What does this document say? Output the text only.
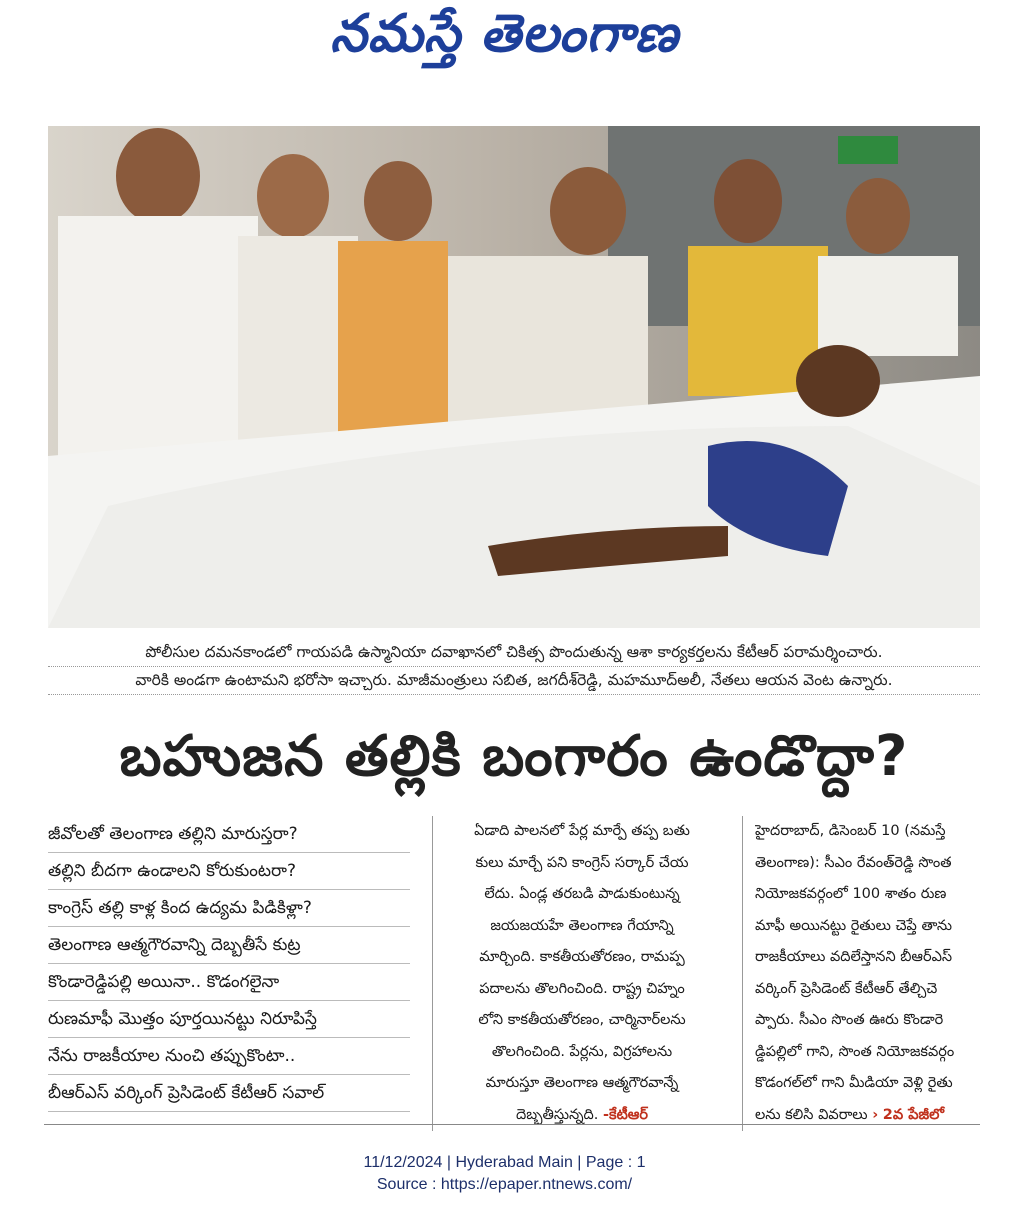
నమస్తే తెలంగాణ
పోలీసుల దమనకాండలో గాయపడి ఉస్మానియా దవాఖానలో చికిత్స పొందుతున్న ఆశా కార్యకర్తలను కేటీఆర్ పరామర్శించారు.
వారికి అండగా ఉంటామని భరోసా ఇచ్చారు. మాజీమంత్రులు సబిత, జగదీశ్‌రెడ్డి, మహమూద్‌అలీ, నేతలు ఆయన వెంట ఉన్నారు.
బహుజన తల్లికి బంగారం ఉండొద్దా?
జీవోలతో తెలంగాణ తల్లిని మారుస్తరా?
తల్లిని బీదగా ఉండాలని కోరుకుంటరా?
కాంగ్రెస్ తల్లి కాళ్ల కింద ఉద్యమ పిడికిళ్లా?
తెలంగాణ ఆత్మగౌరవాన్ని దెబ్బతీసే కుట్ర
కొండారెడ్డిపల్లి అయినా.. కొడంగలైనా
రుణమాఫీ మొత్తం పూర్తయినట్టు నిరూపిస్తే
నేను రాజకీయాల నుంచి తప్పుకొంటా..
బీఆర్ఎస్ వర్కింగ్ ప్రెసిడెంట్ కేటీఆర్ సవాల్
ఏడాది పాలనలో పేర్ల మార్పే తప్ప బతు
కులు మార్చే పని కాంగ్రెస్ సర్కార్ చేయ
లేదు. ఏండ్ల తరబడి పాడుకుంటున్న
జయజయహే తెలంగాణ గేయాన్ని
మార్చింది. కాకతీయతోరణం, రామప్ప
పదాలను తొలగించింది. రాష్ట్ర చిహ్నం
లోని కాకతీయతోరణం, చార్మినార్‌లను
తొలగించింది. పేర్లను, విగ్రహాలను
మారుస్తూ తెలంగాణ ఆత్మగౌరవాన్నే
దెబ్బతీస్తున్నది. -కేటీఆర్
హైదరాబాద్, డిసెంబర్ 10 (నమస్తే
తెలంగాణ): సీఎం రేవంత్‌రెడ్డి సొంత
నియోజకవర్గంలో 100 శాతం రుణ
మాఫీ అయినట్టు రైతులు చెప్తే తాను
రాజకీయాలు వదిలేస్తానని బీఆర్ఎస్
వర్కింగ్ ప్రెసిడెంట్ కేటీఆర్ తేల్చిచె
ప్పారు. సీఎం సొంత ఊరు కొండారె
డ్డిపల్లిలో గాని, సొంత నియోజకవర్గం
కొడంగల్‌లో గాని మీడియా వెళ్లి రైతు
లను కలిసి వివరాలు › 2వ పేజీలో
11/12/2024 | Hyderabad Main | Page : 1
Source : https://epaper.ntnews.com/
